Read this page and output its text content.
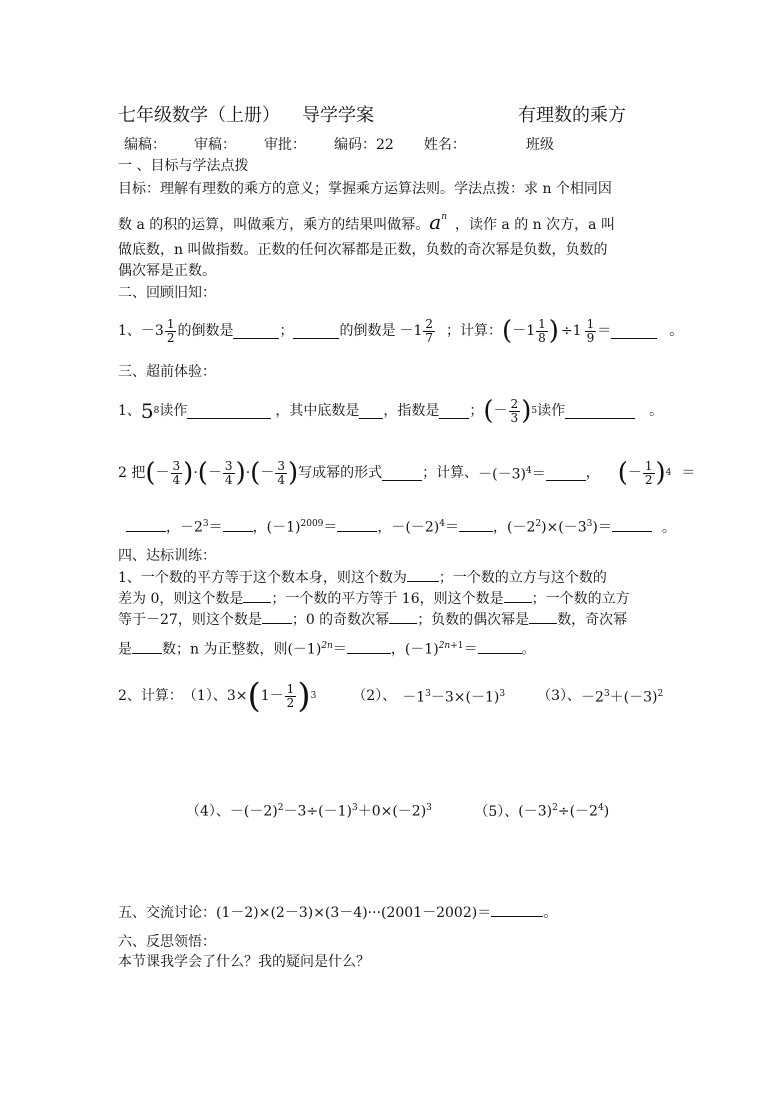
七年级数学（上册） 导学学案	有理数的乘方
编稿： 审稿： 审批： 编码：22 姓名：	班级
一 、目标与学法点拨
目标：理解有理数的乘方的意义；掌握乘方运算法则。学法点拨：求 n 个相同因
数 a 的积的运算，叫做乘方，乘方的结果叫做幂。$a^n$ ，读作 a 的 n 次方，a 叫
做底数，n 叫做指数。正数的任何次幂都是正数，负数的奇次幂是负数，负数的
偶次幂是正数。
二、回顾旧知：
1、 $-3 \frac{1}{2}$ 的倒数是	；	的倒数是 $-1 \frac{2}{7}$ ；计算： ( $-1 \frac{1}{8}$ ) $\div 1 \frac{1}{9}$ ＝	。
三、超前体验：
1、 5 8 读作	，其中底数是 ，指数是 ； ( － $\frac{2}{3}$ ) 5 读作	。
2 把 ( － $\frac{3}{4}$ ) · ( － $\frac{3}{4}$ ) · ( － $\frac{3}{4}$ ) 写成幂的形式	；计算、 $-(-3)^4=$	， ( － $\frac{1}{2}$ ) 4 ＝
，$-2^3=$ ，$(-1)^{2009}=$	，$-(-2)^4=$ ，$(-2^2)\times(-3^3)=$	。
四、达标训练：
1、一个数的平方等于这个数本身，则这个数为 ；一个数的立方与这个数的
差为 0，则这个数是 ；一个数的平方等于 16，则这个数是 ；一个数的立方
等于－27，则这个数是 ；0 的奇数次幂 ；负数的偶次幂是 数，奇次幂
是 数；n 为正整数，则$(-1)^{2n}=$	，$(-1)^{2n+1}=$	。
2、计算： （1）、 3× ( $1- \frac{1}{2}$ ) 3	（2）、 $-1^3-3\times(-1)^3$ （3）、 $-2^3+(-3)^2$
（4）、$-(-2)^2-3\div(-1)^3+0\times(-2)^3$	（5）、$(-3)^2\div(-2^4)$
五、交流讨论：(1－2)×(2－3)×(3－4)···(2001－2002)＝	。
六、反思领悟：
本节课我学会了什么？我的疑问是什么？
